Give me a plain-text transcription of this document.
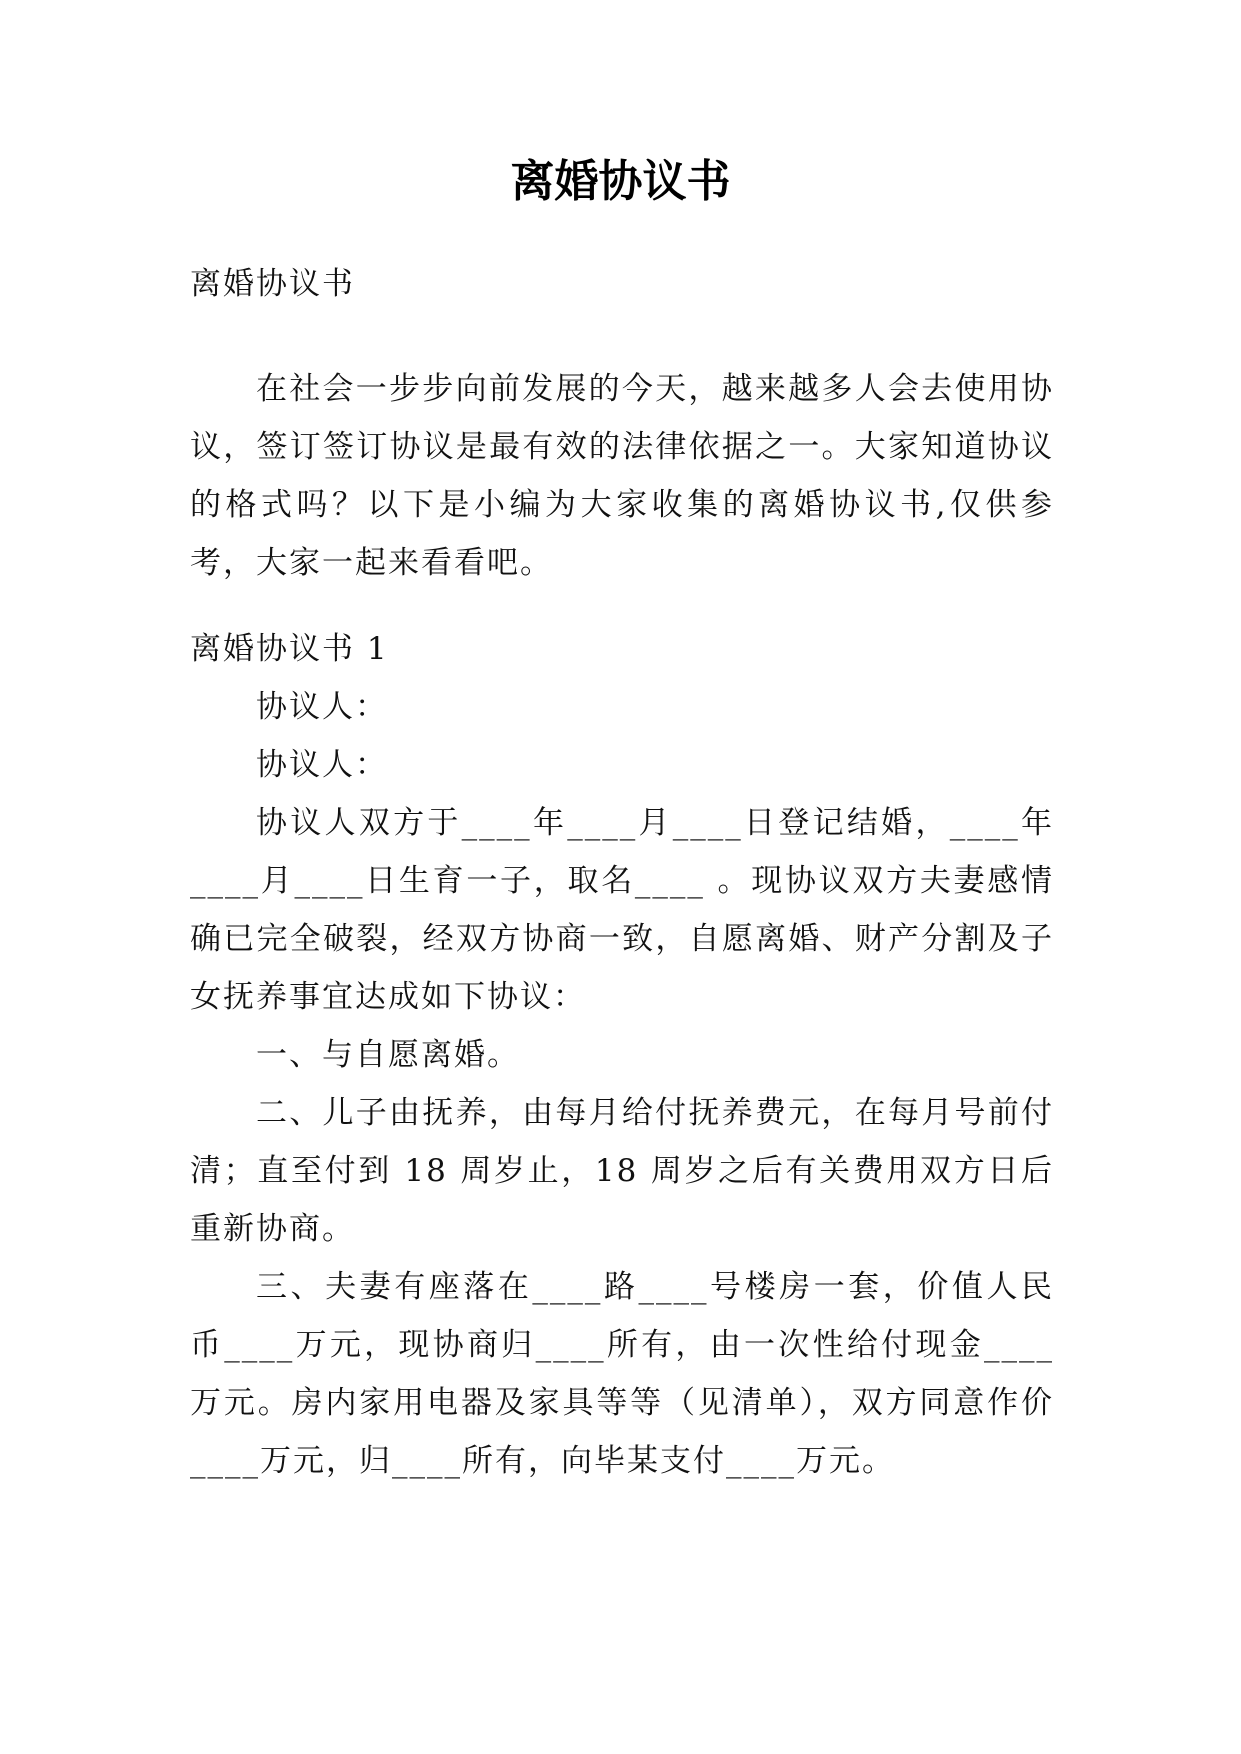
离婚协议书

离婚协议书

在社会一步步向前发展的今天，越来越多人会去使用协议，签订签订协议是最有效的法律依据之一。大家知道协议的格式吗？以下是小编为大家收集的离婚协议书,仅供参考，大家一起来看看吧。

离婚协议书 1

协议人：

协议人：

协议人双方于____年____月____日登记结婚，____年____月____日生育一子，取名____ 。现协议双方夫妻感情确已完全破裂，经双方协商一致，自愿离婚、财产分割及子女抚养事宜达成如下协议：

一、与自愿离婚。

二、儿子由抚养，由每月给付抚养费元，在每月号前付清；直至付到 18 周岁止，18 周岁之后有关费用双方日后重新协商。

三、夫妻有座落在____路____号楼房一套，价值人民币____万元，现协商归____所有，由一次性给付现金____万元。房内家用电器及家具等等（见清单），双方同意作价____万元，归____所有，向毕某支付____万元。
